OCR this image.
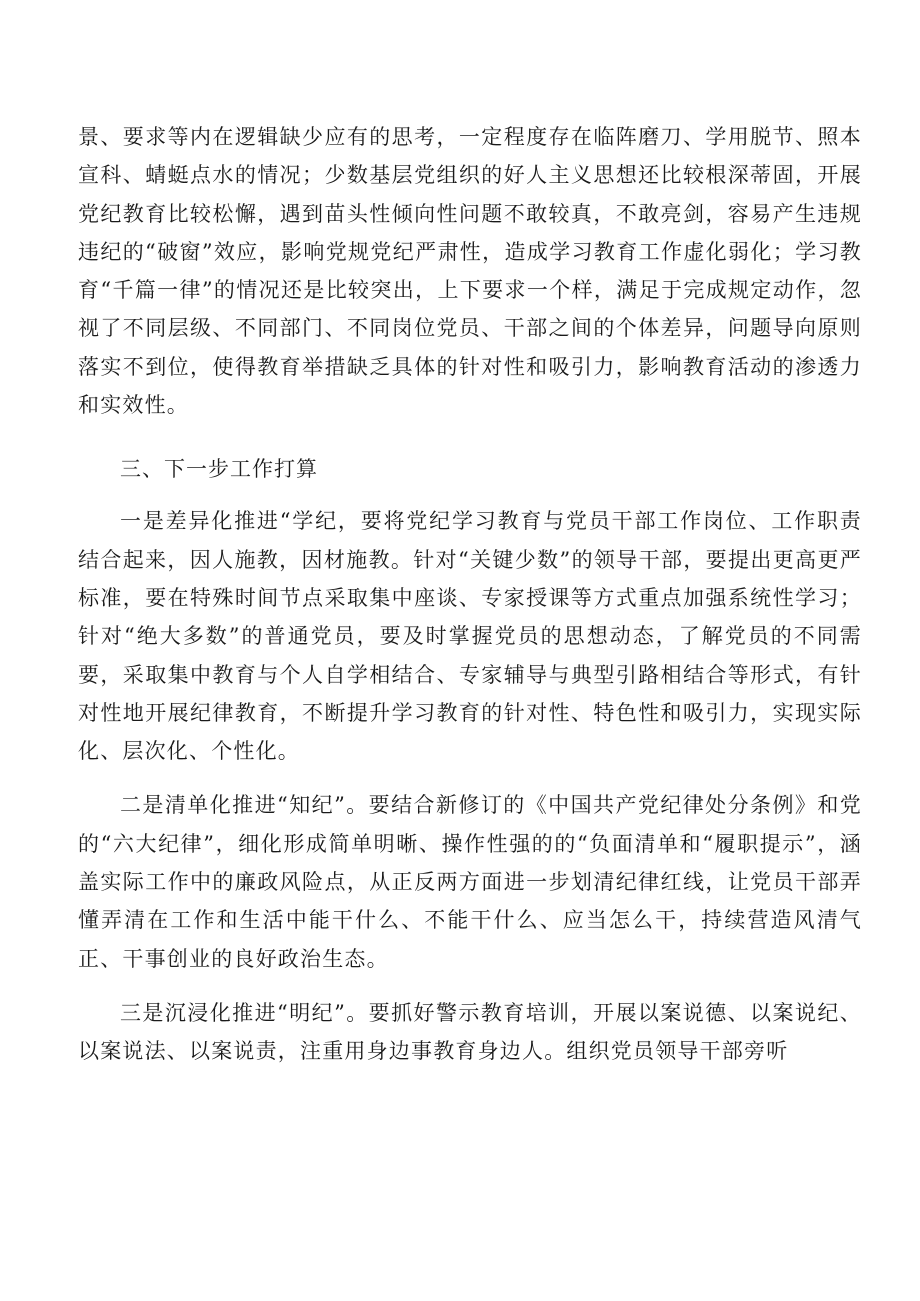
景、要求等内在逻辑缺少应有的思考，一定程度存在临阵磨刀、学用脱节、照本宣科、蜻蜓点水的情况；少数基层党组织的好人主义思想还比较根深蒂固，开展党纪教育比较松懈，遇到苗头性倾向性问题不敢较真，不敢亮剑，容易产生违规违纪的“破窗”效应，影响党规党纪严肃性，造成学习教育工作虚化弱化；学习教育“千篇一律”的情况还是比较突出，上下要求一个样，满足于完成规定动作，忽视了不同层级、不同部门、不同岗位党员、干部之间的个体差异，问题导向原则落实不到位，使得教育举措缺乏具体的针对性和吸引力，影响教育活动的渗透力和实效性。

三、下一步工作打算

一是差异化推进“学纪，要将党纪学习教育与党员干部工作岗位、工作职责结合起来，因人施教，因材施教。针对“关键少数”的领导干部，要提出更高更严标准，要在特殊时间节点采取集中座谈、专家授课等方式重点加强系统性学习；针对“绝大多数”的普通党员，要及时掌握党员的思想动态，了解党员的不同需要，采取集中教育与个人自学相结合、专家辅导与典型引路相结合等形式，有针对性地开展纪律教育，不断提升学习教育的针对性、特色性和吸引力，实现实际化、层次化、个性化。

二是清单化推进“知纪”。要结合新修订的《中国共产党纪律处分条例》和党的“六大纪律”，细化形成简单明晰、操作性强的的“负面清单和“履职提示”，涵盖实际工作中的廉政风险点，从正反两方面进一步划清纪律红线，让党员干部弄懂弄清在工作和生活中能干什么、不能干什么、应当怎么干，持续营造风清气正、干事创业的良好政治生态。

三是沉浸化推进“明纪”。要抓好警示教育培训，开展以案说德、以案说纪、以案说法、以案说责，注重用身边事教育身边人。组织党员领导干部旁听
